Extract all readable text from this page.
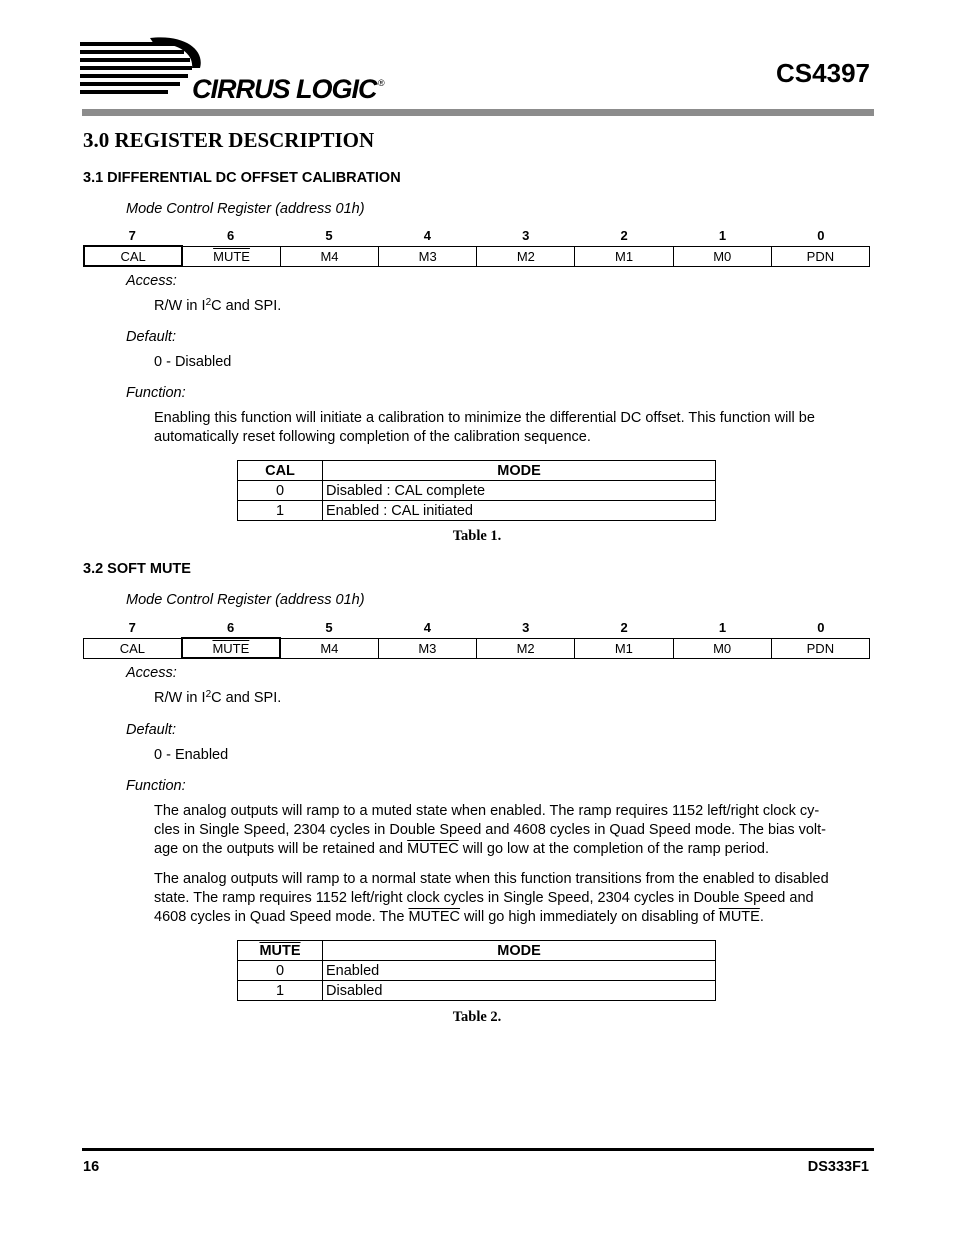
CIRRUS LOGIC ®	CS4397
3.0 REGISTER DESCRIPTION
3.1 DIFFERENTIAL DC OFFSET CALIBRATION
Mode Control Register (address 01h)
7	6	5	4	3	2	1	0
CAL	MUTE	M4	M3	M2	M1	M0	PDN
Access:
R/W in $I^2C$ and SPI.
Default:
0 - Disabled
Function:
Enabling this function will initiate a calibration to minimize the differential DC offset. This function will be
automatically reset following completion of the calibration sequence.
CAL	MODE
0	Disabled : CAL complete
1	Enabled : CAL initiated
Table 1.
3.2 SOFT MUTE
Mode Control Register (address 01h)
7	6	5	4	3	2	1	0
CAL	MUTE	M4	M3	M2	M1	M0	PDN
Access:
R/W in $I^2C$ and SPI.
Default:
0 - Enabled
Function:
The analog outputs will ramp to a muted state when enabled. The ramp requires 1152 left/right clock cy-
cles in Single Speed, 2304 cycles in Double Speed and 4608 cycles in Quad Speed mode. The bias volt-
age on the outputs will be retained and MUTEC will go low at the completion of the ramp period.
The analog outputs will ramp to a normal state when this function transitions from the enabled to disabled
state. The ramp requires 1152 left/right clock cycles in Single Speed, 2304 cycles in Double Speed and
4608 cycles in Quad Speed mode. The MUTEC will go high immediately on disabling of MUTE.
MUTE	MODE
0	Enabled
1	Disabled
Table 2.
16	DS333F1
